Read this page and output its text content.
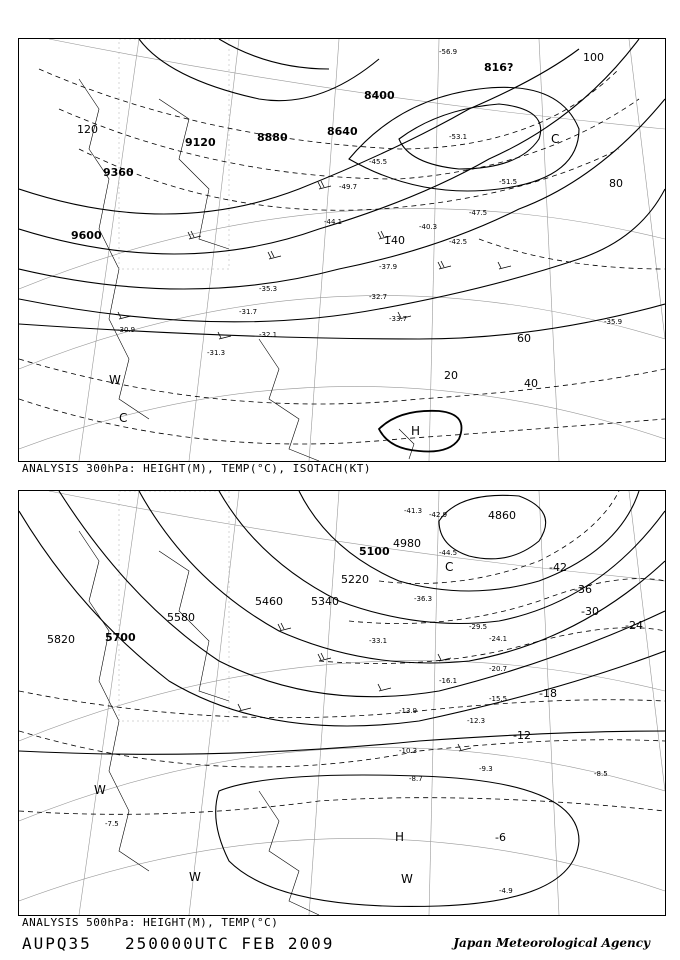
9600
9360
9120	8880	8640
8400
816?
20
40
60
80
100
120
140
-30.9
-31.3
-31.7
-32.1
-32.7
-33.7
-35.3
-35.9
-37.9
-40.3
-42.5
-44.1
-45.5
-47.5
-49.7
-51.5
-53.1
-56.9
H
C
C
W
ANALYSIS 300hPa: HEIGHT(M), TEMP(°C), ISOTACH(KT)
5820	5700
5580
5460	5340
5220
5100
4980
4860
-42
-36
-30
-24
-18
-12
-6
-44.5
-42.9
-41.3
-36.3
-33.1
-29.5
-24.1
-20.7
-16.1
-15.5
-13.9
-12.3
-10.3
-9.3
-8.7
-8.5
-7.5
-4.9
H
C
W
W	W
ANALYSIS 500hPa: HEIGHT(M), TEMP(°C)
AUPQ35 250000UTC FEB 2009	Japan Meteorological Agency
